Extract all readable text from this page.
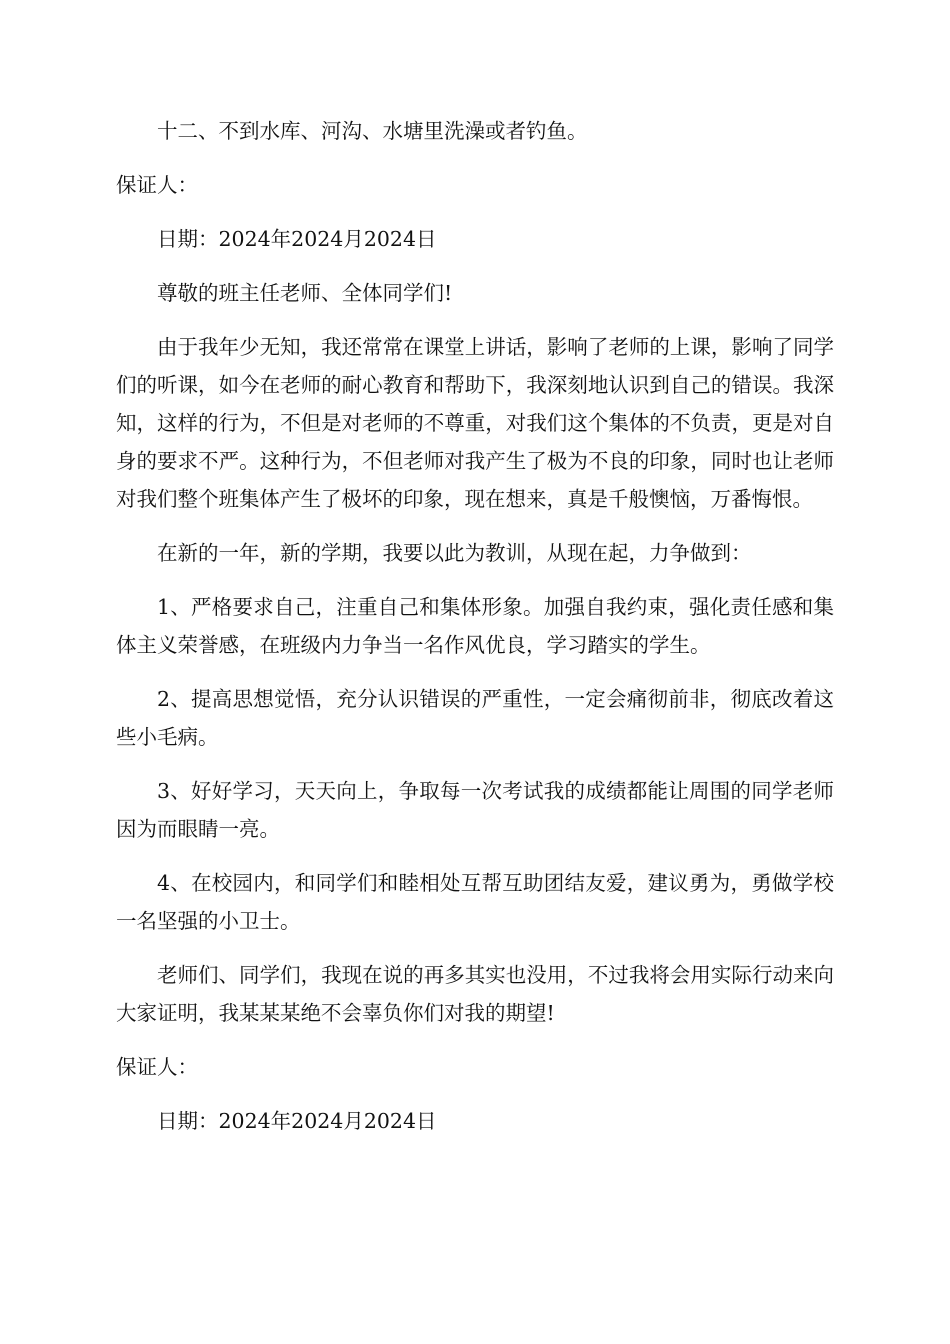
十二、不到水库、河沟、水塘里洗澡或者钓鱼。

保证人：

日期：2024年2024月2024日

尊敬的班主任老师、全体同学们!

由于我年少无知，我还常常在课堂上讲话，影响了老师的上课，影响了同学们的听课，如今在老师的耐心教育和帮助下，我深刻地认识到自己的错误。我深知，这样的行为，不但是对老师的不尊重，对我们这个集体的不负责，更是对自身的要求不严。这种行为，不但老师对我产生了极为不良的印象，同时也让老师对我们整个班集体产生了极坏的印象，现在想来，真是千般懊恼，万番悔恨。

在新的一年，新的学期，我要以此为教训，从现在起，力争做到：

1、严格要求自己，注重自己和集体形象。加强自我约束，强化责任感和集体主义荣誉感，在班级内力争当一名作风优良，学习踏实的学生。

2、提高思想觉悟，充分认识错误的严重性，一定会痛彻前非，彻底改着这些小毛病。

3、好好学习，天天向上，争取每一次考试我的成绩都能让周围的同学老师因为而眼睛一亮。

4、在校园内，和同学们和睦相处互帮互助团结友爱，建议勇为，勇做学校一名坚强的小卫士。

老师们、同学们，我现在说的再多其实也没用，不过我将会用实际行动来向大家证明，我某某某绝不会辜负你们对我的期望!

保证人：

日期：2024年2024月2024日
